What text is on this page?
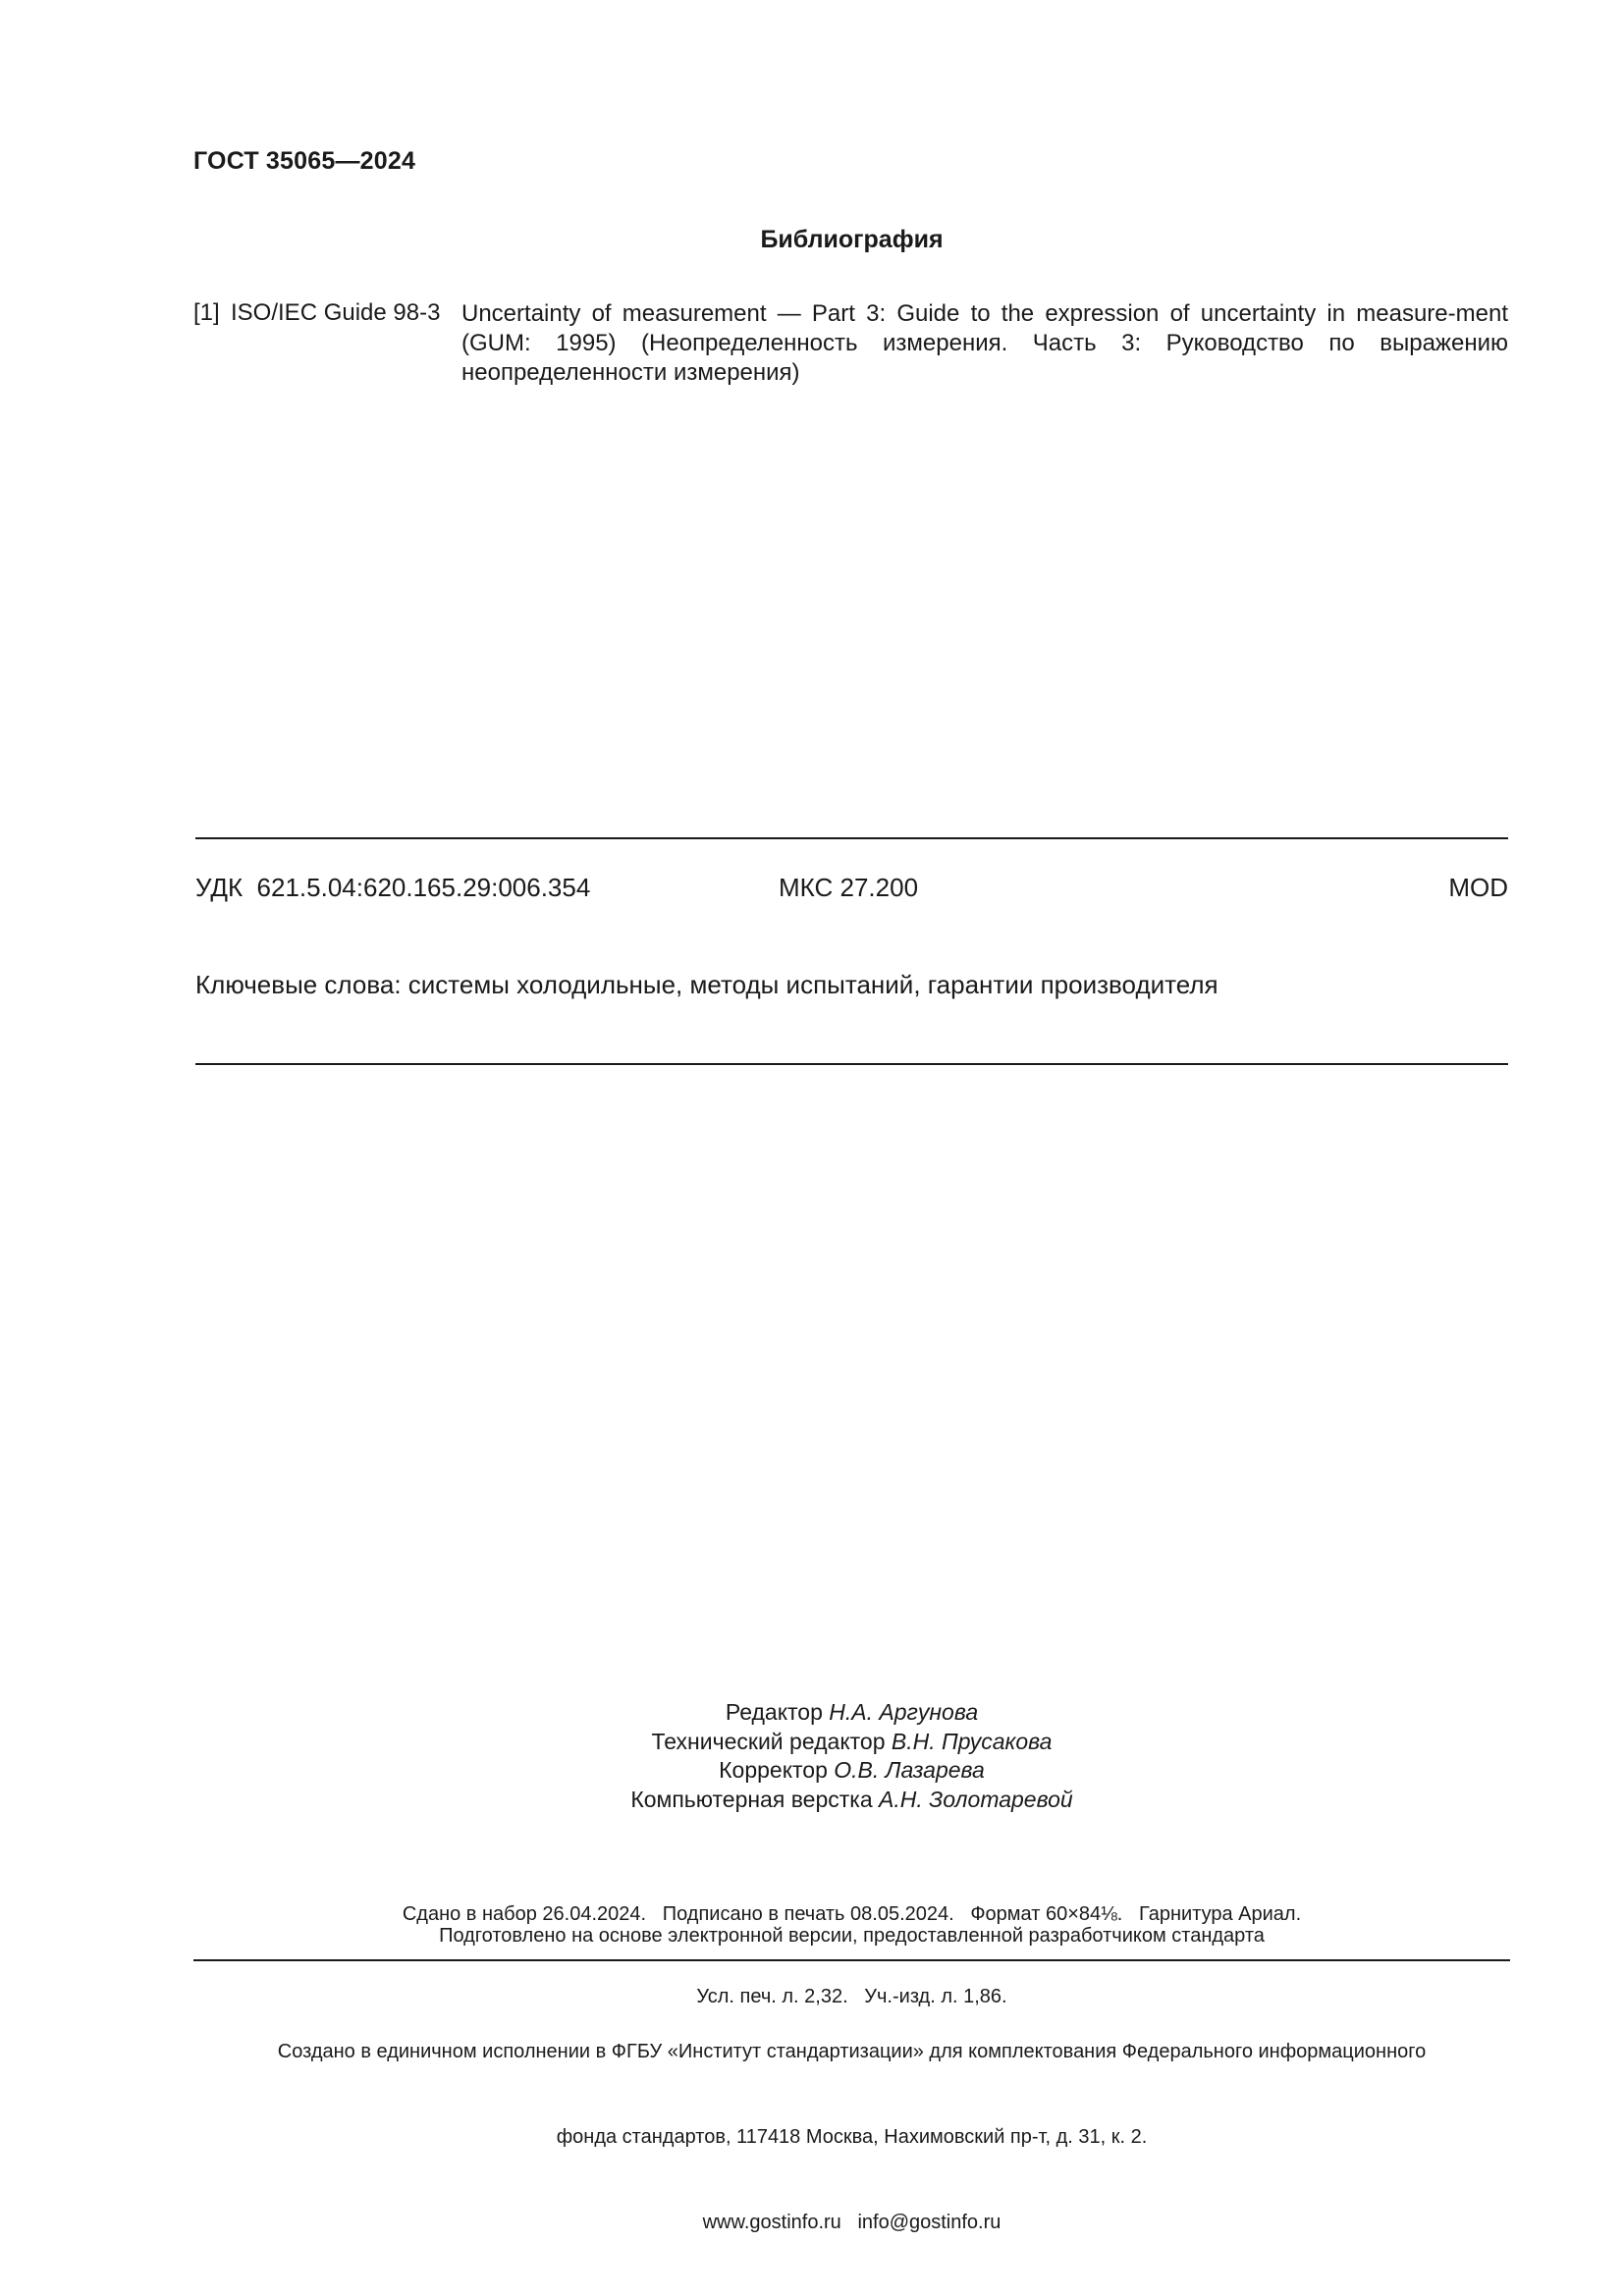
ГОСТ 35065—2024
Библиография
[1] ISO/IEC Guide 98-3 Uncertainty of measurement — Part 3: Guide to the expression of uncertainty in measure-ment (GUM: 1995) (Неопределенность измерения. Часть 3: Руководство по выражению неопределенности измерения)
УДК  621.5.04:620.165.29:006.354	МКС 27.200	MOD
Ключевые слова: системы холодильные, методы испытаний, гарантии производителя
Редактор Н.А. Аргунова
Технический редактор В.Н. Прусакова
Корректор О.В. Лазарева
Компьютерная верстка А.Н. Золотаревой

Сдано в набор 26.04.2024.   Подписано в печать 08.05.2024.   Формат 60×84⅛.   Гарнитура Ариал.

Усл. печ. л. 2,32.   Уч.-изд. л. 1,86.

Подготовлено на основе электронной версии, предоставленной разработчиком стандарта

Создано в единичном исполнении в ФГБУ «Институт стандартизации» для комплектования Федерального информационного

фонда стандартов, 117418 Москва, Нахимовский пр-т, д. 31, к. 2.

www.gostinfo.ru   info@gostinfo.ru
